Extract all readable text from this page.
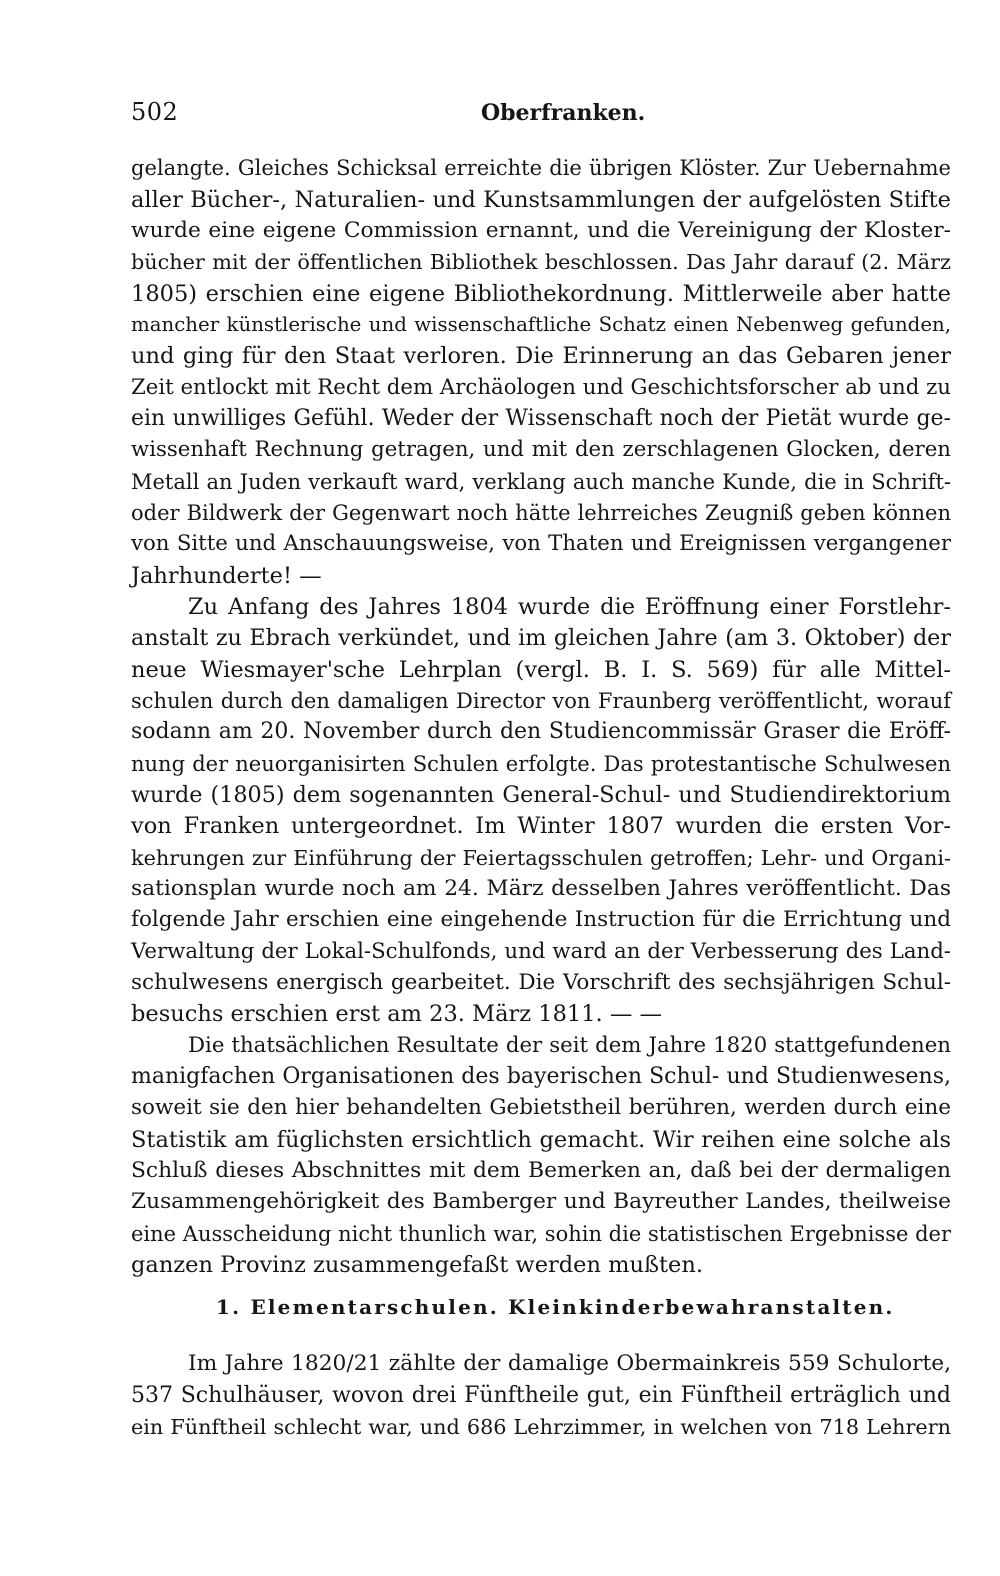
502	Oberfranken.
gelangte. Gleiches Schicksal erreichte die übrigen Klöster. Zur Uebernahme
aller Bücher-, Naturalien- und Kunstsammlungen der aufgelösten Stifte
wurde eine eigene Commission ernannt, und die Vereinigung der Kloster-
bücher mit der öffentlichen Bibliothek beschlossen. Das Jahr darauf (2. März
1805) erschien eine eigene Bibliothekordnung. Mittlerweile aber hatte
mancher künstlerische und wissenschaftliche Schatz einen Nebenweg gefunden,
und ging für den Staat verloren. Die Erinnerung an das Gebaren jener
Zeit entlockt mit Recht dem Archäologen und Geschichtsforscher ab und zu
ein unwilliges Gefühl. Weder der Wissenschaft noch der Pietät wurde ge-
wissenhaft Rechnung getragen, und mit den zerschlagenen Glocken, deren
Metall an Juden verkauft ward, verklang auch manche Kunde, die in Schrift-
oder Bildwerk der Gegenwart noch hätte lehrreiches Zeugniß geben können
von Sitte und Anschauungsweise, von Thaten und Ereignissen vergangener
Jahrhunderte! —
Zu Anfang des Jahres 1804 wurde die Eröffnung einer Forstlehr-
anstalt zu Ebrach verkündet, und im gleichen Jahre (am 3. Oktober) der
neue Wiesmayer'sche Lehrplan (vergl. B. I. S. 569) für alle Mittel-
schulen durch den damaligen Director von Fraunberg veröffentlicht, worauf
sodann am 20. November durch den Studiencommissär Graser die Eröff-
nung der neuorganisirten Schulen erfolgte. Das protestantische Schulwesen
wurde (1805) dem sogenannten General-Schul- und Studiendirektorium
von Franken untergeordnet. Im Winter 1807 wurden die ersten Vor-
kehrungen zur Einführung der Feiertagsschulen getroffen; Lehr- und Organi-
sationsplan wurde noch am 24. März desselben Jahres veröffentlicht. Das
folgende Jahr erschien eine eingehende Instruction für die Errichtung und
Verwaltung der Lokal-Schulfonds, und ward an der Verbesserung des Land-
schulwesens energisch gearbeitet. Die Vorschrift des sechsjährigen Schul-
besuchs erschien erst am 23. März 1811. — —
Die thatsächlichen Resultate der seit dem Jahre 1820 stattgefundenen
manigfachen Organisationen des bayerischen Schul- und Studienwesens,
soweit sie den hier behandelten Gebietstheil berühren, werden durch eine
Statistik am füglichsten ersichtlich gemacht. Wir reihen eine solche als
Schluß dieses Abschnittes mit dem Bemerken an, daß bei der dermaligen
Zusammengehörigkeit des Bamberger und Bayreuther Landes, theilweise
eine Ausscheidung nicht thunlich war, sohin die statistischen Ergebnisse der
ganzen Provinz zusammengefaßt werden mußten.
1. Elementarschulen. Kleinkinderbewahranstalten.
Im Jahre 1820/21 zählte der damalige Obermainkreis 559 Schulorte,
537 Schulhäuser, wovon drei Fünftheile gut, ein Fünftheil erträglich und
ein Fünftheil schlecht war, und 686 Lehrzimmer, in welchen von 718 Lehrern
